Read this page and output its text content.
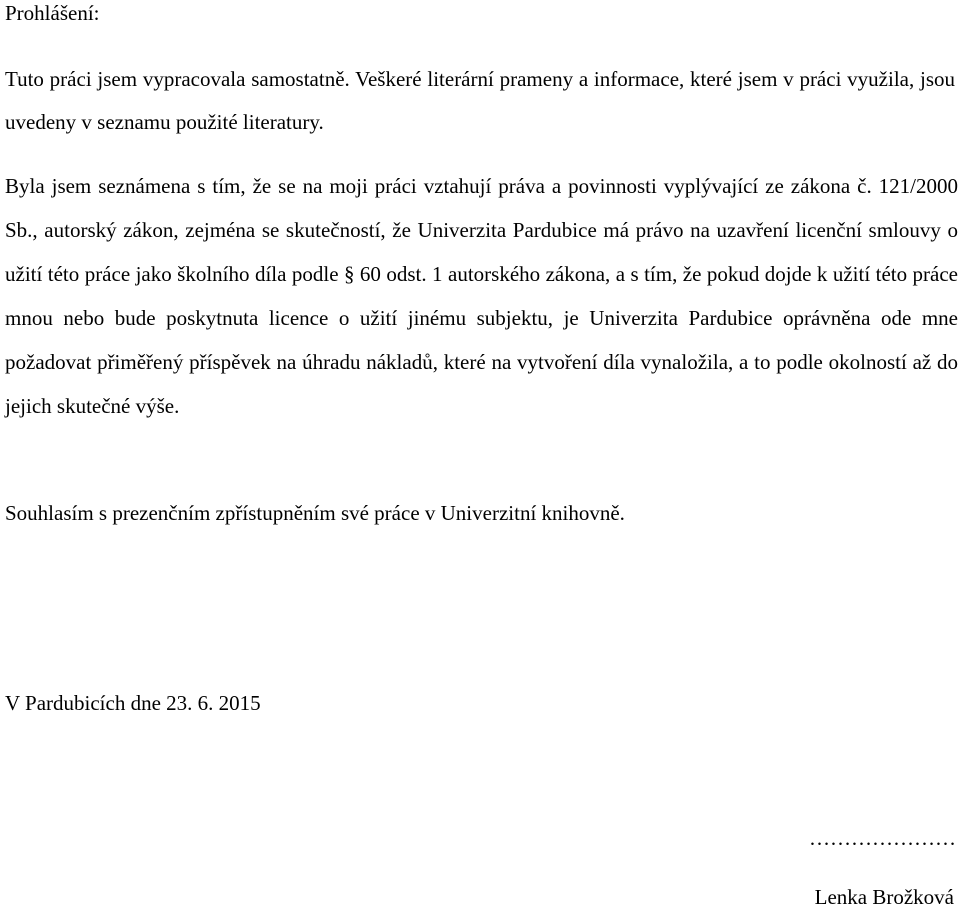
Prohlášení:

Tuto práci jsem vypracovala samostatně. Veškeré literární prameny a informace, které jsem v práci využila, jsou uvedeny v seznamu použité literatury.

Byla jsem seznámena s tím, že se na moji práci vztahují práva a povinnosti vyplývající ze zákona č. 121/2000 Sb., autorský zákon, zejména se skutečností, že Univerzita Pardubice má právo na uzavření licenční smlouvy o užití této práce jako školního díla podle § 60 odst. 1 autorského zákona, a s tím, že pokud dojde k užití této práce mnou nebo bude poskytnuta licence o užití jinému subjektu, je Univerzita Pardubice oprávněna ode mne požadovat přiměřený příspěvek na úhradu nákladů, které na vytvoření díla vynaložila, a to podle okolností až do jejich skutečné výše.

Souhlasím s prezenčním zpřístupněním své práce v Univerzitní knihovně.

V Pardubicích dne 23. 6. 2015

…………………

Lenka Brožková
